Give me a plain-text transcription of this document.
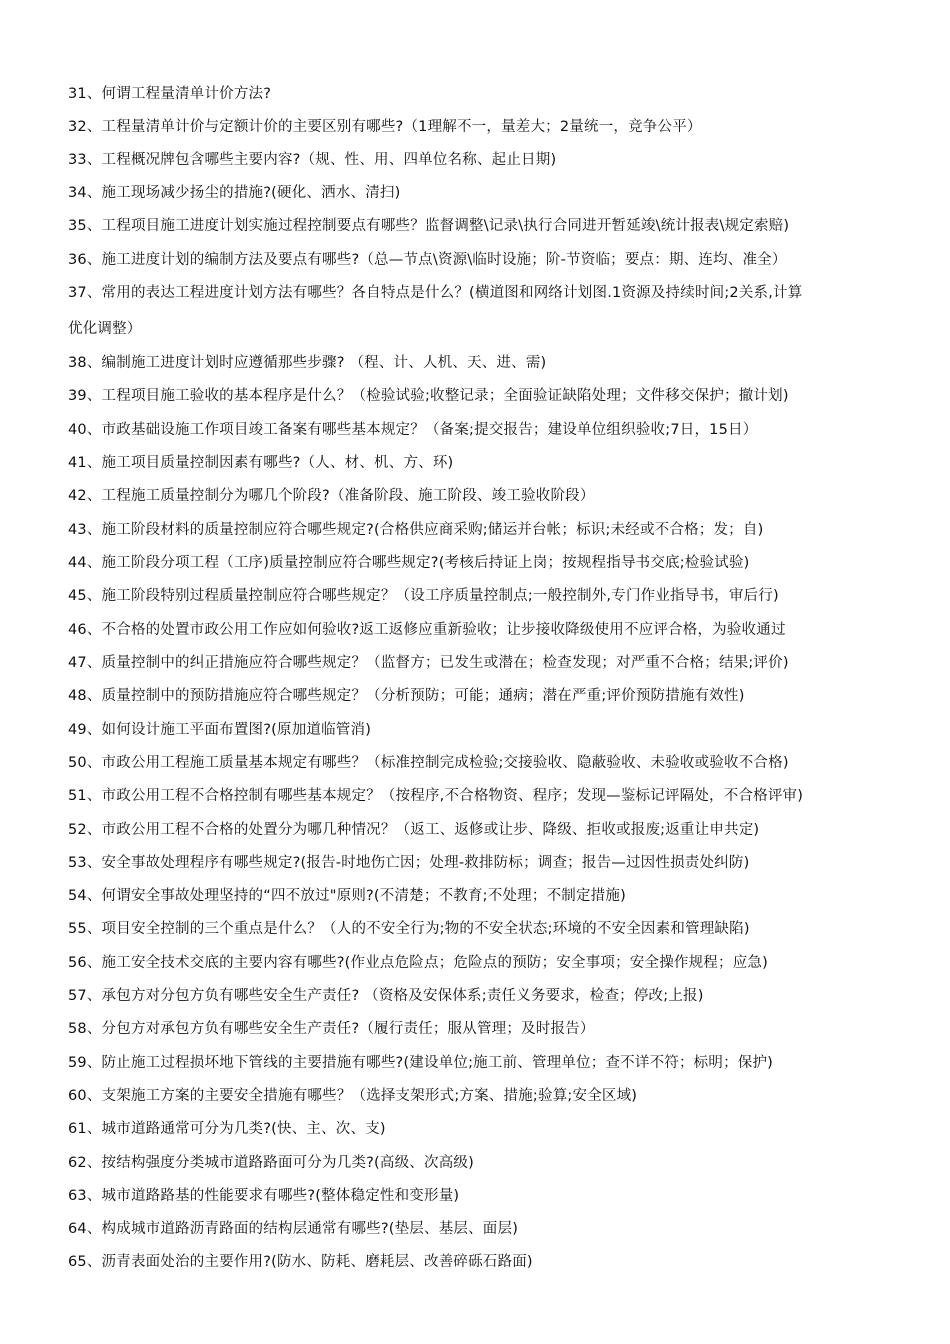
31、何谓工程量清单计价方法?
32、工程量清单计价与定额计价的主要区别有哪些?（1理解不一，量差大；2量统一，竞争公平）
33、工程概况牌包含哪些主要内容?（规、性、用、四单位名称、起止日期)
34、施工现场减少扬尘的措施?(硬化、洒水、清扫)
35、工程项目施工进度计划实施过程控制要点有哪些？监督调整\记录\执行合同进开暂延竣\统计报表\规定索赔)
36、施工进度计划的编制方法及要点有哪些?（总—节点\资源\临时设施；阶-节资临；要点：期、连均、准全）
37、常用的表达工程进度计划方法有哪些？各自特点是什么？(横道图和网络计划图.1资源及持续时间;2关系,计算
优化调整）
38、编制施工进度计划时应遵循那些步骤? （程、计、人机、天、进、需)
39、工程项目施工验收的基本程序是什么？（检验试验;收整记录；全面验证缺陷处理；文件移交保护；撤计划)
40、市政基础设施工作项目竣工备案有哪些基本规定？（备案;提交报告；建设单位组织验收;7日，15日）
41、施工项目质量控制因素有哪些?（人、材、机、方、环)
42、工程施工质量控制分为哪几个阶段?（准备阶段、施工阶段、竣工验收阶段）
43、施工阶段材料的质量控制应符合哪些规定?(合格供应商采购;储运并台帐；标识;未经或不合格；发；自)
44、施工阶段分项工程（工序)质量控制应符合哪些规定?(考核后持证上岗；按规程指导书交底;检验试验)
45、施工阶段特别过程质量控制应符合哪些规定？（设工序质量控制点;一般控制外,专门作业指导书，审后行)
46、不合格的处置市政公用工作应如何验收?返工返修应重新验收；让步接收降级使用不应评合格，为验收通过
47、质量控制中的纠正措施应符合哪些规定？（监督方；已发生或潜在；检查发现；对严重不合格；结果;评价)
48、质量控制中的预防措施应符合哪些规定？（分析预防；可能；通病；潜在严重;评价预防措施有效性)
49、如何设计施工平面布置图?(原加道临管消)
50、市政公用工程施工质量基本规定有哪些？（标准控制完成检验;交接验收、隐蔽验收、未验收或验收不合格)
51、市政公用工程不合格控制有哪些基本规定？（按程序,不合格物资、程序；发现—鉴标记评隔处，不合格评审)
52、市政公用工程不合格的处置分为哪几种情况？（返工、返修或让步、降级、拒收或报废;返重让申共定)
53、安全事故处理程序有哪些规定?(报告-时地伤亡因；处理-救排防标；调查；报告—过因性损责处纠防)
54、何谓安全事故处理坚持的“四不放过"原则?(不清楚；不教育;不处理；不制定措施)
55、项目安全控制的三个重点是什么？（人的不安全行为;物的不安全状态;环境的不安全因素和管理缺陷)
56、施工安全技术交底的主要内容有哪些?(作业点危险点；危险点的预防；安全事项；安全操作规程；应急)
57、承包方对分包方负有哪些安全生产责任? （资格及安保体系;责任义务要求，检查；停改;上报)
58、分包方对承包方负有哪些安全生产责任?（履行责任；服从管理；及时报告）
59、防止施工过程损坏地下管线的主要措施有哪些?(建设单位;施工前、管理单位；查不详不符；标明；保护)
60、支架施工方案的主要安全措施有哪些？（选择支架形式;方案、措施;验算;安全区域)
61、城市道路通常可分为几类?(快、主、次、支)
62、按结构强度分类城市道路路面可分为几类?(高级、次高级)
63、城市道路路基的性能要求有哪些?(整体稳定性和变形量)
64、构成城市道路沥青路面的结构层通常有哪些?(垫层、基层、面层)
65、沥青表面处治的主要作用?(防水、防耗、磨耗层、改善碎砾石路面)
